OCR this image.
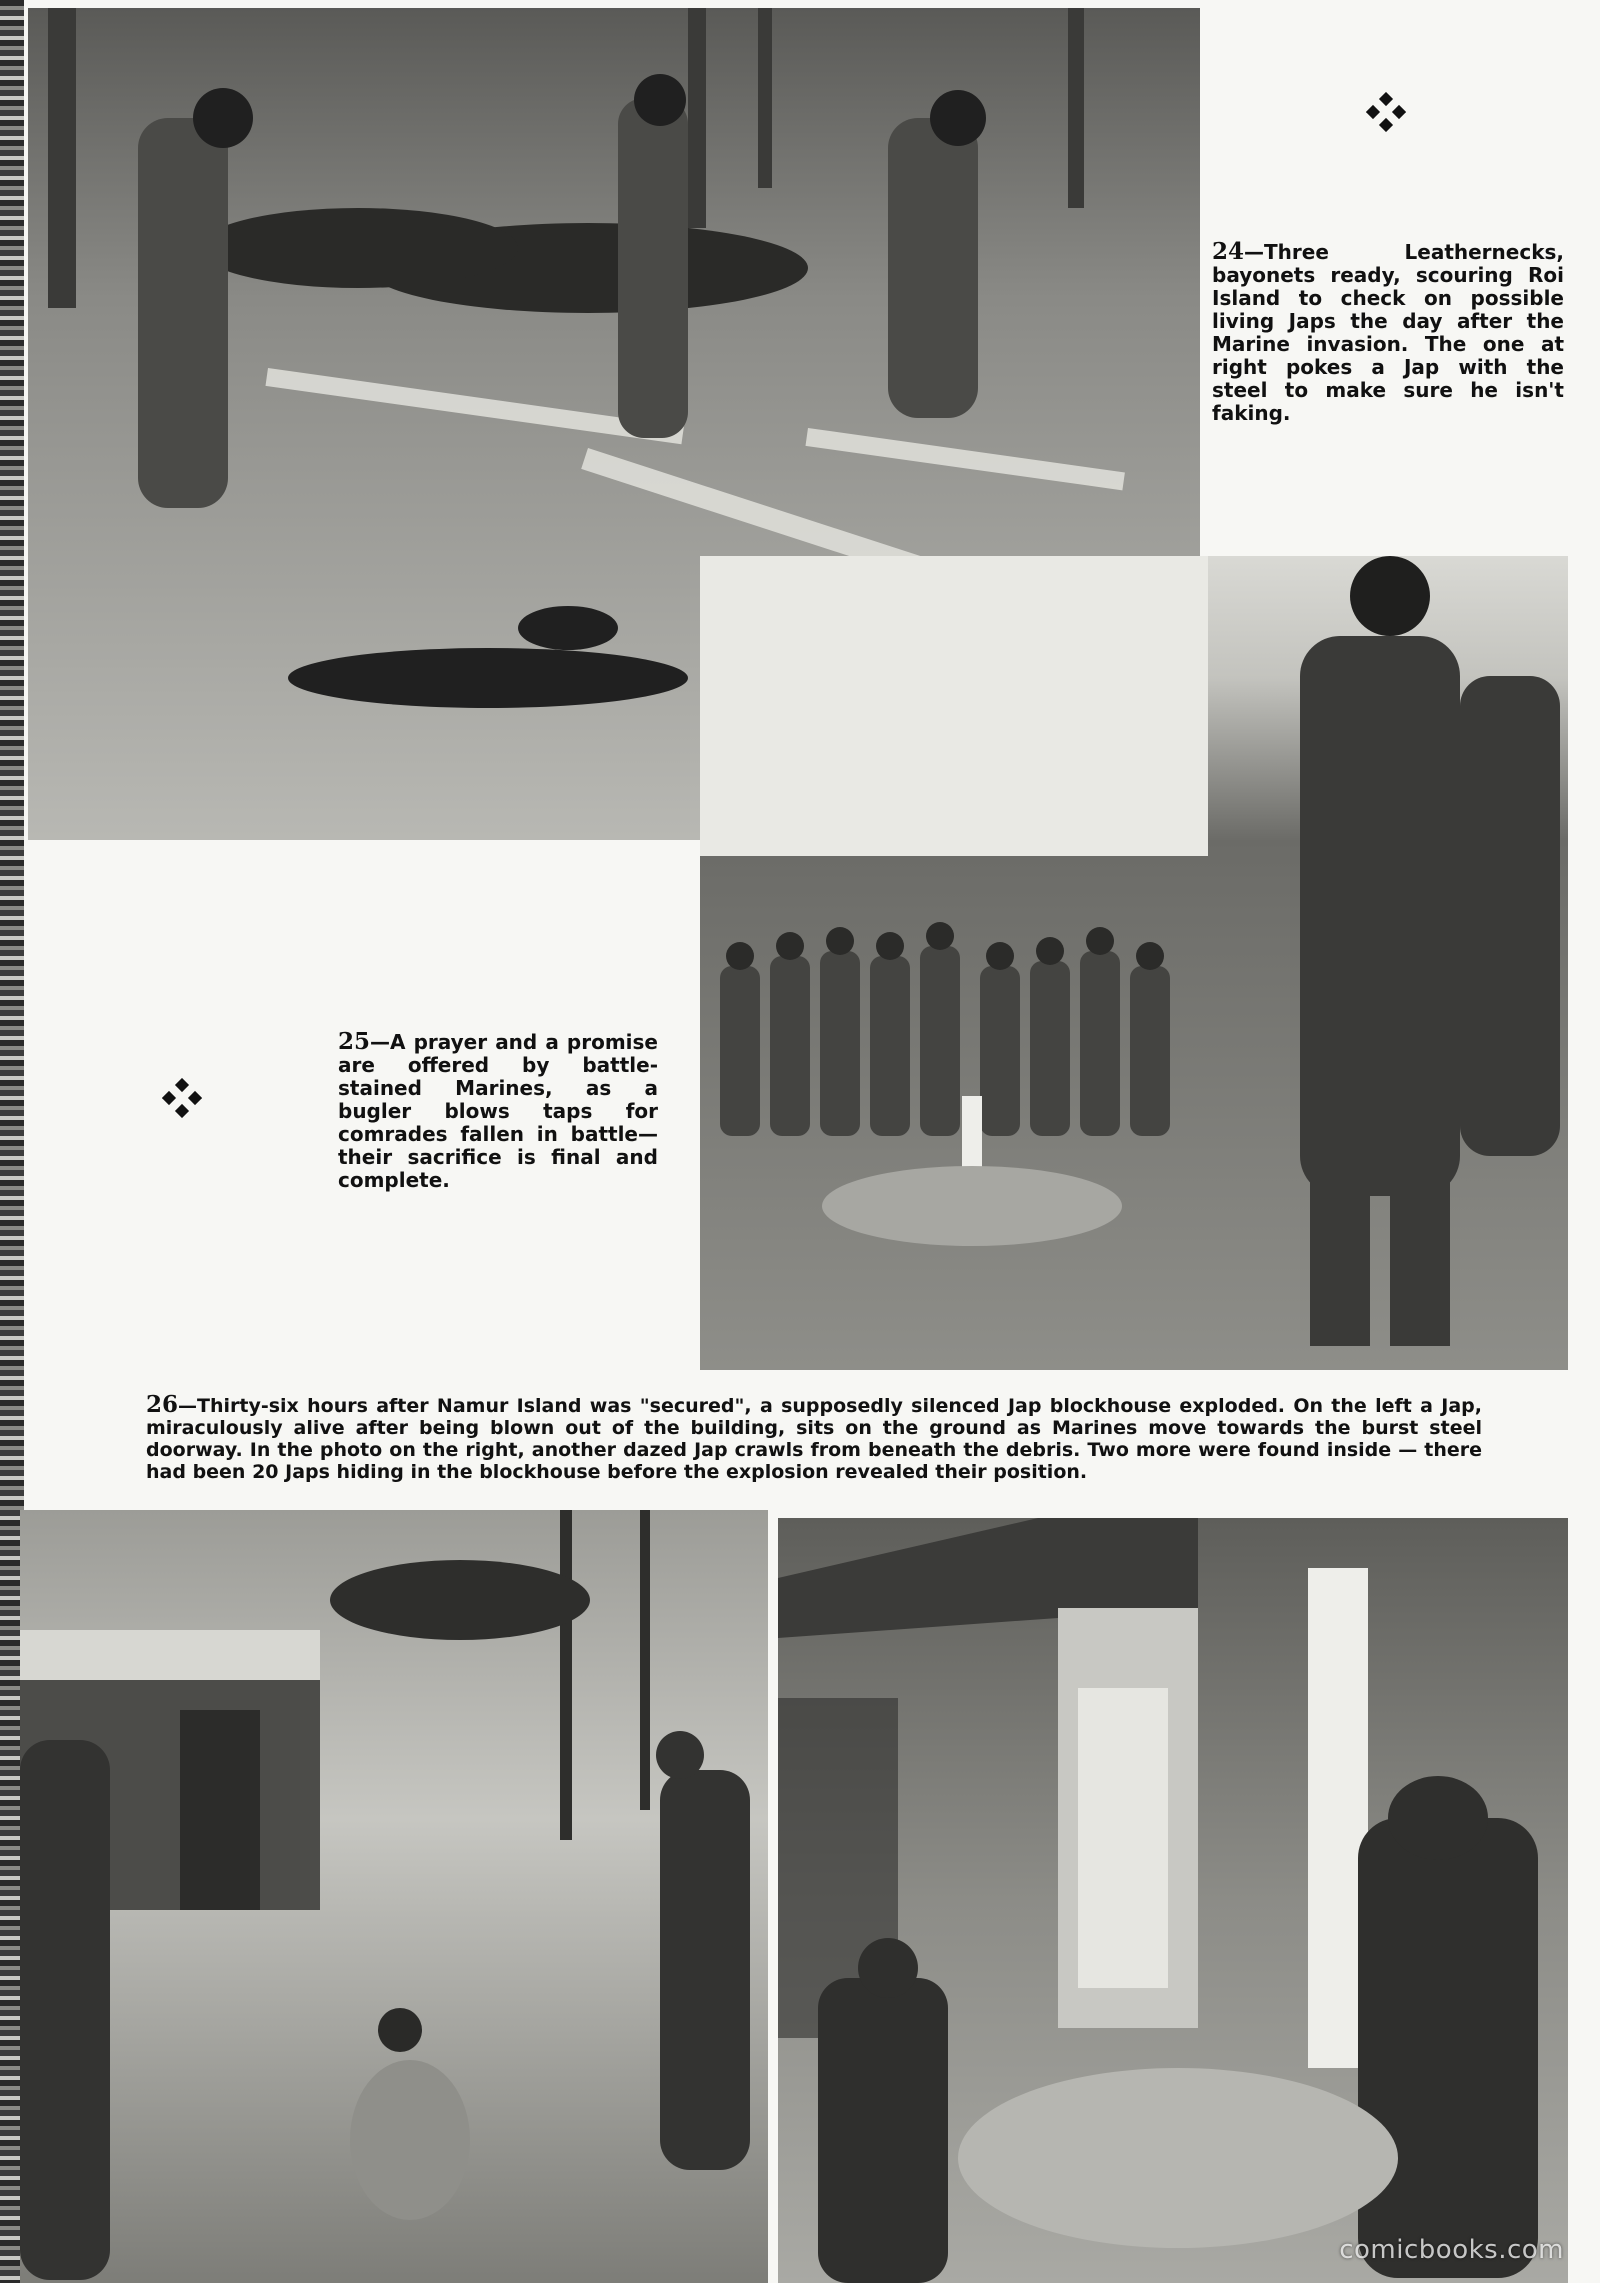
24—Three Leathernecks, bayonets ready, scouring Roi Island to check on possible living Japs the day after the Marine invasion. The one at right pokes a Jap with the steel to make sure he isn't faking.
25—A prayer and a promise are offered by battle-stained Marines, as a bugler blows taps for comrades fallen in battle—their sacrifice is final and complete.
26—Thirty-six hours after Namur Island was "secured", a supposedly silenced Jap blockhouse exploded. On the left a Jap, miraculously alive after being blown out of the building, sits on the ground as Marines move towards the burst steel doorway. In the photo on the right, another dazed Jap crawls from beneath the debris. Two more were found inside — there had been 20 Japs hiding in the blockhouse before the explosion revealed their position.
comicbooks.com
